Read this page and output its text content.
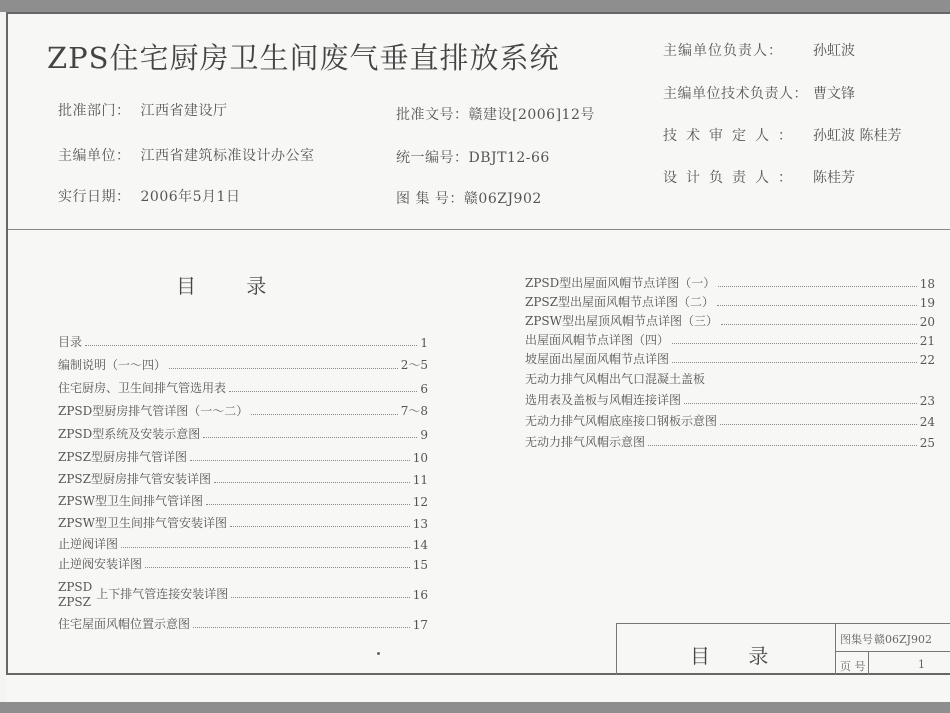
ZPS住宅厨房卫生间废气垂直排放系统
批准部门： 江西省建设厅
主编单位： 江西省建筑标准设计办公室
实行日期： 2006年5月1日
批准文号：赣建设[2006]12号
统一编号：DBJT12-66
图 集 号：赣06ZJ902
主编单位负责人：	孙虹波
主编单位技术负责人： 曹文锋
技术审定人： 孙虹波 陈桂芳
设计负责人： 陈桂芳
目 录
目录	1
编制说明（一～四）	2～5
住宅厨房、卫生间排气管选用表	6
ZPSD型厨房排气管详图（一～二）	7～8
ZPSD型系统及安装示意图	9
ZPSZ型厨房排气管详图	10
ZPSZ型厨房排气管安装详图	11
ZPSW型卫生间排气管详图	12
ZPSW型卫生间排气管安装详图	13
止逆阀详图	14
止逆阀安装详图	15
ZPSD
ZPSZ
上下排气管连接安装详图	16
住宅屋面风帽位置示意图	17
ZPSD型出屋面风帽节点详图（一）	18
ZPSZ型出屋面风帽节点详图（二）	19
ZPSW型出屋顶风帽节点详图（三）	20
出屋面风帽节点详图（四）	21
坡屋面出屋面风帽节点详图	22
无动力排气风帽出气口混凝土盖板
选用表及盖板与风帽连接详图	23
无动力排气风帽底座接口钢板示意图	24
无动力排气风帽示意图	25
目 录
图集号 赣06ZJ902
页 号	1
